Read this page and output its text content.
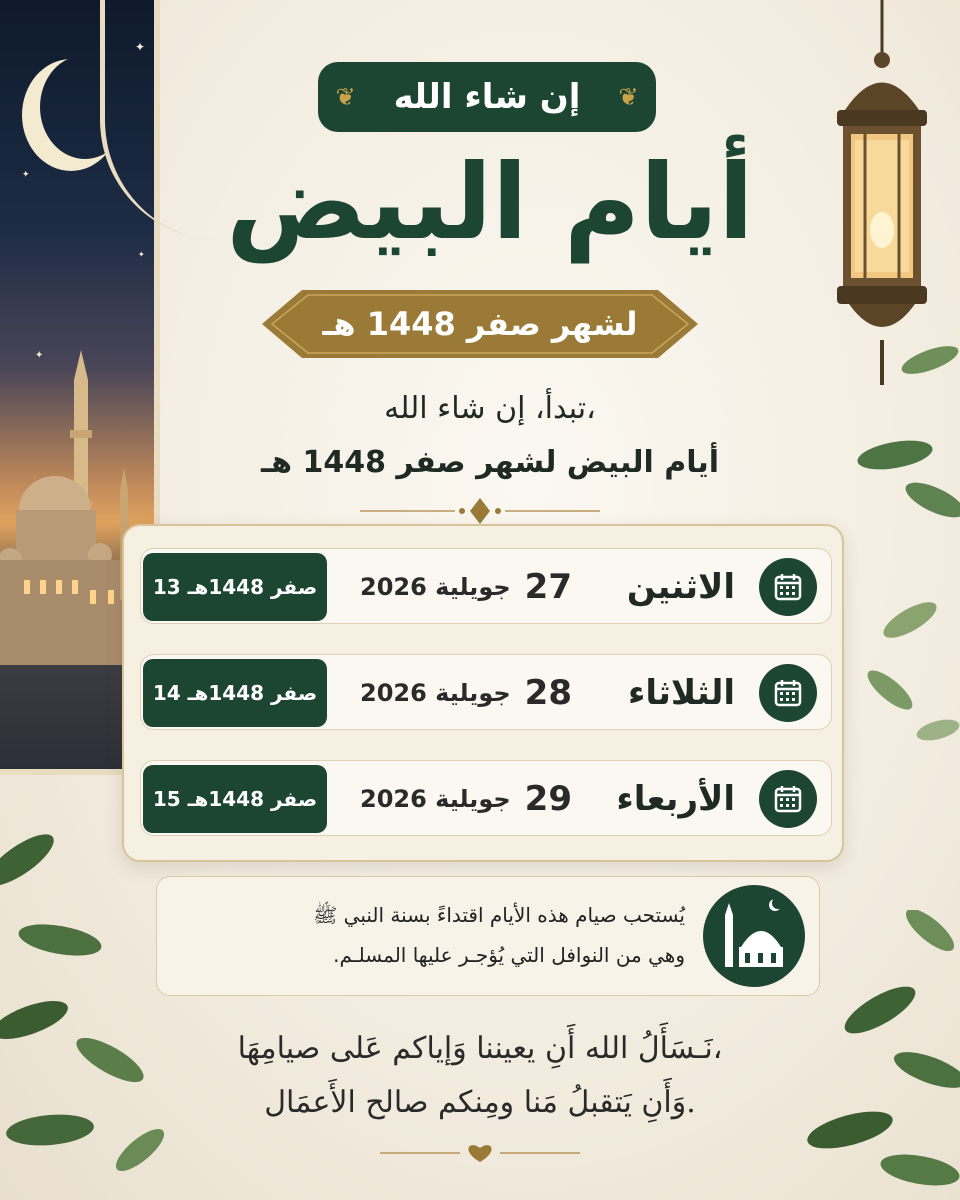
✦
✦
✦
✦
❦ إن شاء الله ❦
أيام البيض
لشهر صفر 1448 هـ
تبدأ، إن شاء الله،
أيام البيض لشهر صفر 1448 هـ
الاثنين
جويلية 2026 27
13 صفر 1448هـ
الثلاثاء
جويلية 2026 28
14 صفر 1448هـ
الأربعاء
جويلية 2026 29
15 صفر 1448هـ
يُستحب صيام هذه الأيام اقتداءً بسنة النبي ﷺ
وهي من النوافل التي يُؤجـر عليها المسلـم.
نَـسَأَلُ الله أَنِ يعيننا وَإياكم عَلى صيامِهَا،
وَأَنِ يَتقبلُ مَنا ومِنكم صالح الأَعمَال.
